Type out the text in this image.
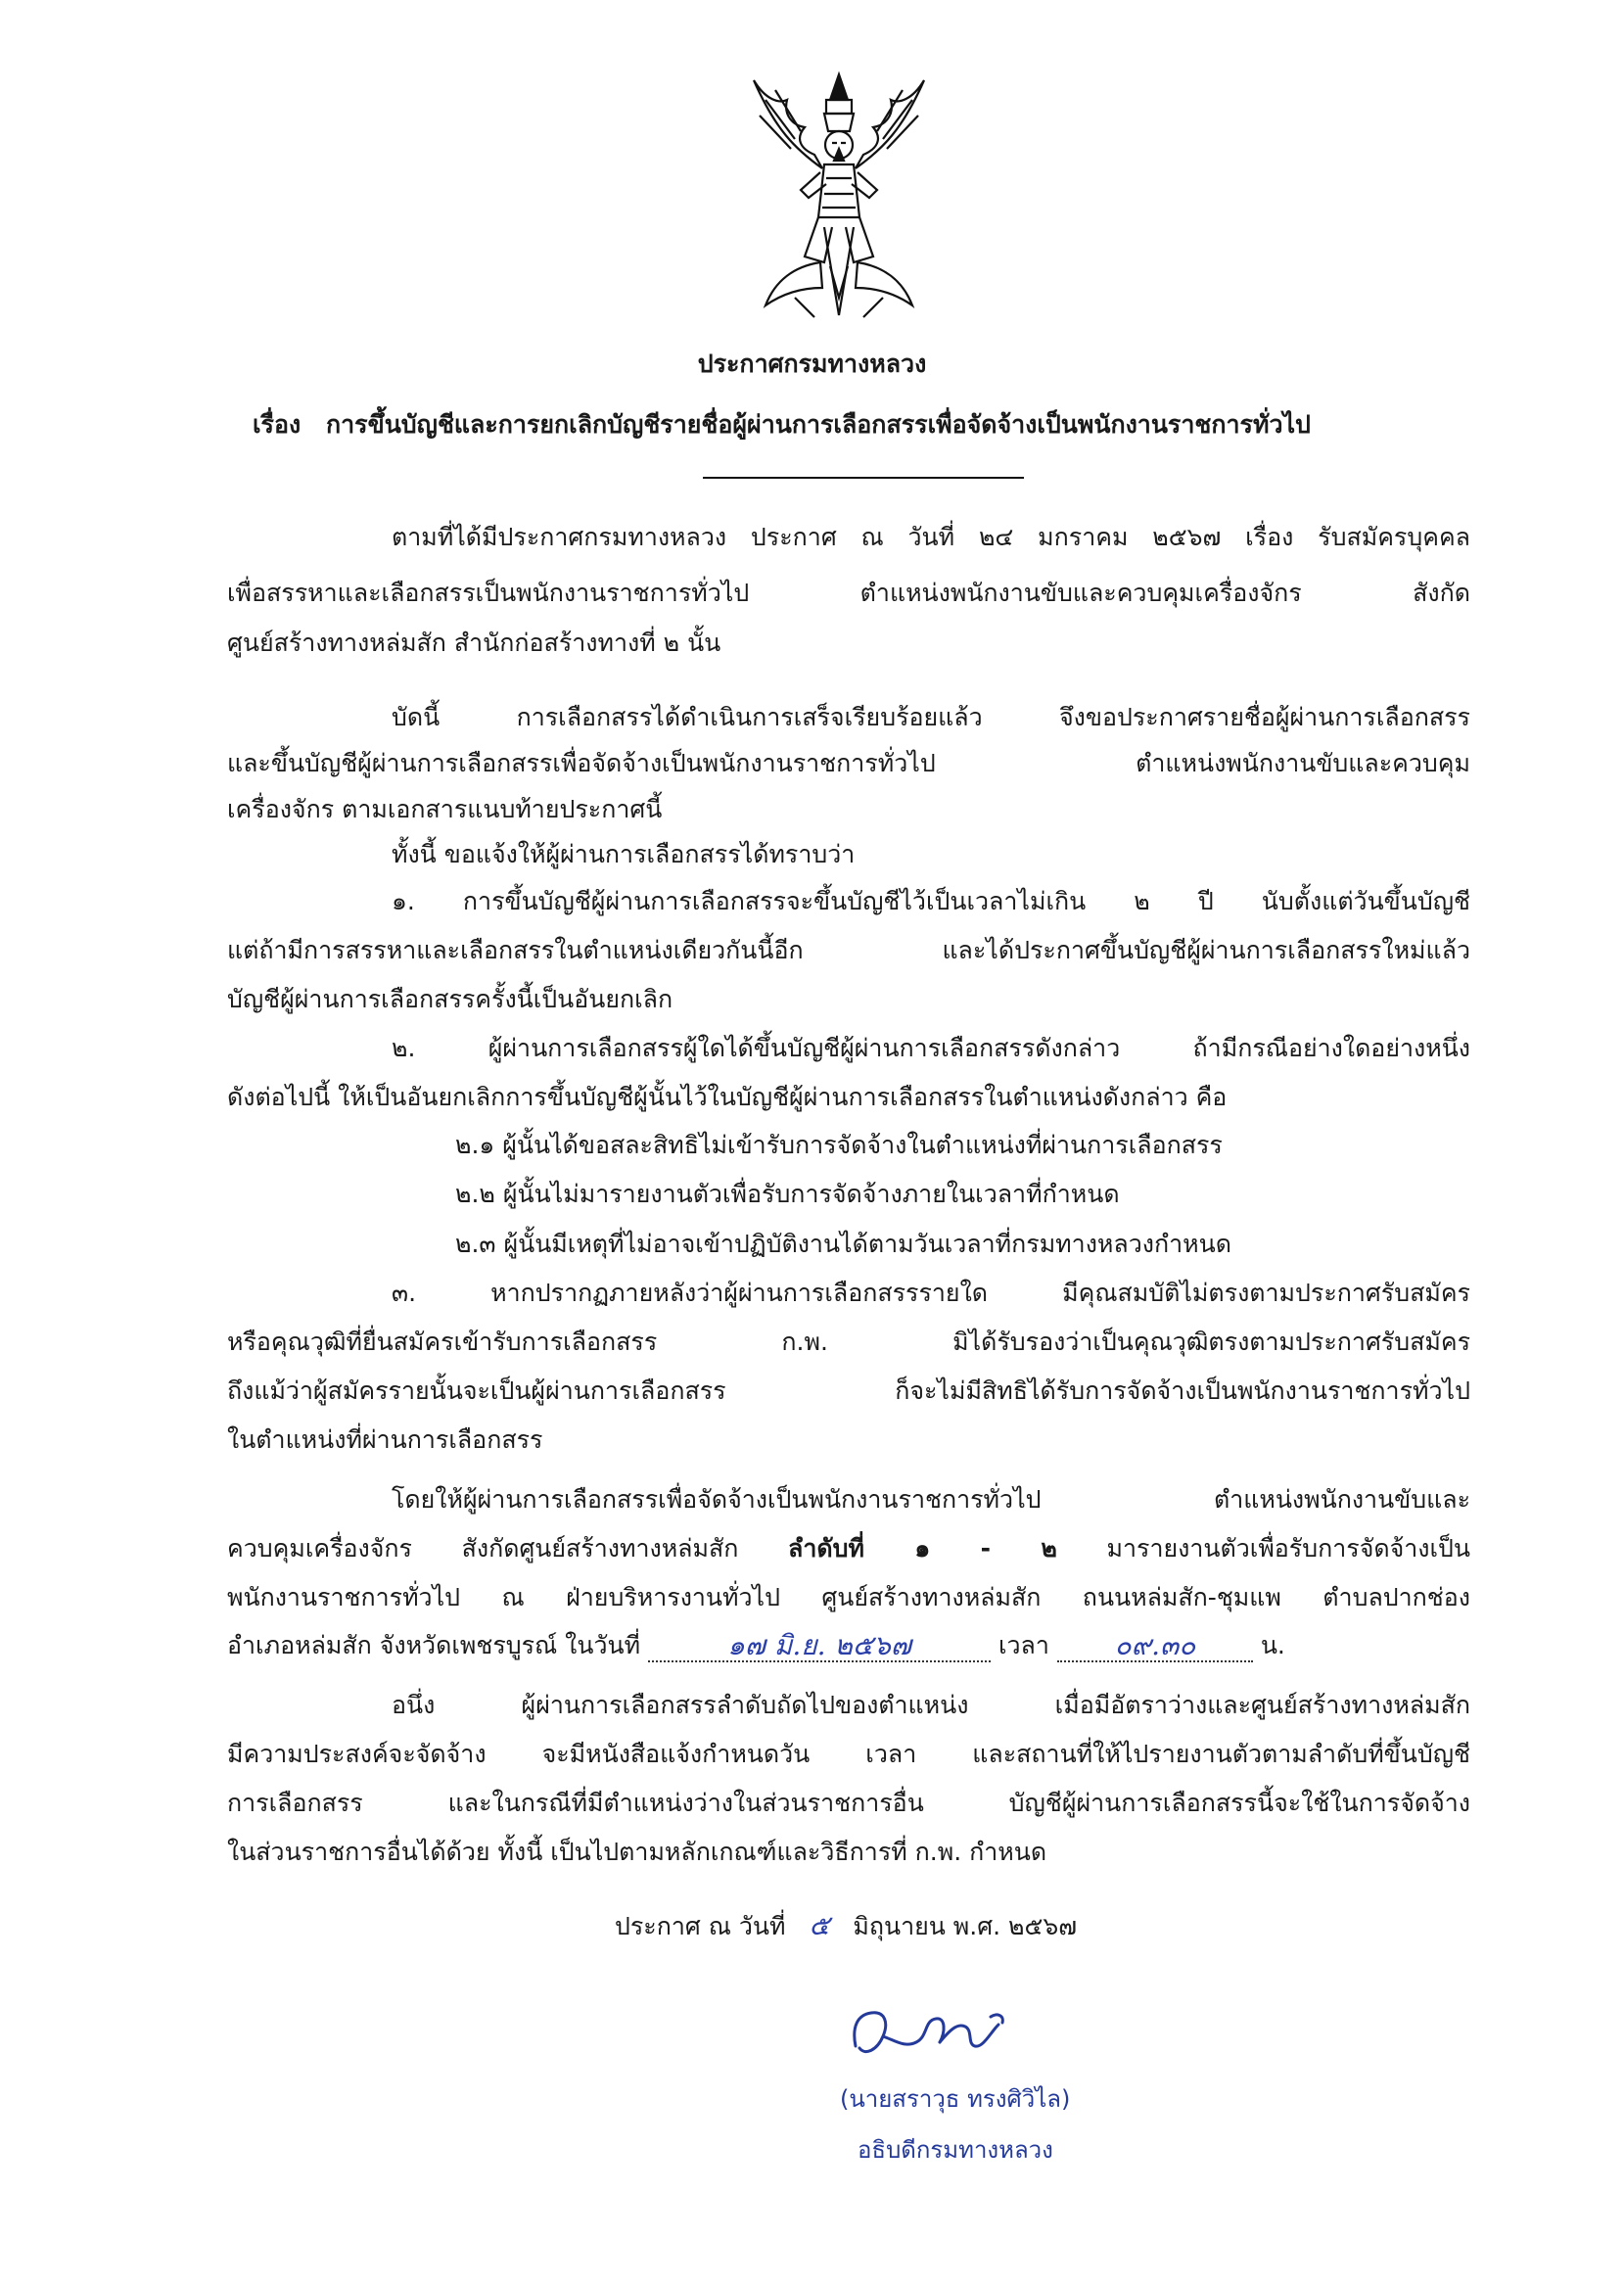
ประกาศกรมทางหลวง
เรื่อง การขึ้นบัญชีและการยกเลิกบัญชีรายชื่อผู้ผ่านการเลือกสรรเพื่อจัดจ้างเป็นพนักงานราชการทั่วไป
ตามที่ได้มีประกาศกรมทางหลวง ประกาศ ณ วันที่ ๒๔ มกราคม ๒๕๖๗ เรื่อง รับสมัครบุคคล
เพื่อสรรหาและเลือกสรรเป็นพนักงานราชการทั่วไป ตำแหน่งพนักงานขับและควบคุมเครื่องจักร สังกัด
ศูนย์สร้างทางหล่มสัก สำนักก่อสร้างทางที่ ๒ นั้น
บัดนี้ การเลือกสรรได้ดำเนินการเสร็จเรียบร้อยแล้ว จึงขอประกาศรายชื่อผู้ผ่านการเลือกสรร
และขึ้นบัญชีผู้ผ่านการเลือกสรรเพื่อจัดจ้างเป็นพนักงานราชการทั่วไป ตำแหน่งพนักงานขับและควบคุม
เครื่องจักร ตามเอกสารแนบท้ายประกาศนี้
ทั้งนี้ ขอแจ้งให้ผู้ผ่านการเลือกสรรได้ทราบว่า
๑. การขึ้นบัญชีผู้ผ่านการเลือกสรรจะขึ้นบัญชีไว้เป็นเวลาไม่เกิน ๒ ปี นับตั้งแต่วันขึ้นบัญชี
แต่ถ้ามีการสรรหาและเลือกสรรในตำแหน่งเดียวกันนี้อีก และได้ประกาศขึ้นบัญชีผู้ผ่านการเลือกสรรใหม่แล้ว
บัญชีผู้ผ่านการเลือกสรรครั้งนี้เป็นอันยกเลิก
๒. ผู้ผ่านการเลือกสรรผู้ใดได้ขึ้นบัญชีผู้ผ่านการเลือกสรรดังกล่าว ถ้ามีกรณีอย่างใดอย่างหนึ่ง
ดังต่อไปนี้ ให้เป็นอันยกเลิกการขึ้นบัญชีผู้นั้นไว้ในบัญชีผู้ผ่านการเลือกสรรในตำแหน่งดังกล่าว คือ
๒.๑ ผู้นั้นได้ขอสละสิทธิไม่เข้ารับการจัดจ้างในตำแหน่งที่ผ่านการเลือกสรร
๒.๒ ผู้นั้นไม่มารายงานตัวเพื่อรับการจัดจ้างภายในเวลาที่กำหนด
๒.๓ ผู้นั้นมีเหตุที่ไม่อาจเข้าปฏิบัติงานได้ตามวันเวลาที่กรมทางหลวงกำหนด
๓. หากปรากฏภายหลังว่าผู้ผ่านการเลือกสรรรายใด มีคุณสมบัติไม่ตรงตามประกาศรับสมัคร
หรือคุณวุฒิที่ยื่นสมัครเข้ารับการเลือกสรร ก.พ. มิได้รับรองว่าเป็นคุณวุฒิตรงตามประกาศรับสมัคร
ถึงแม้ว่าผู้สมัครรายนั้นจะเป็นผู้ผ่านการเลือกสรร ก็จะไม่มีสิทธิได้รับการจัดจ้างเป็นพนักงานราชการทั่วไป
ในตำแหน่งที่ผ่านการเลือกสรร
โดยให้ผู้ผ่านการเลือกสรรเพื่อจัดจ้างเป็นพนักงานราชการทั่วไป ตำแหน่งพนักงานขับและ
ควบคุมเครื่องจักร สังกัดศูนย์สร้างทางหล่มสัก ลำดับที่ ๑ - ๒ มารายงานตัวเพื่อรับการจัดจ้างเป็น
พนักงานราชการทั่วไป ณ ฝ่ายบริหารงานทั่วไป ศูนย์สร้างทางหล่มสัก ถนนหล่มสัก-ชุมแพ ตำบลปากช่อง
อำเภอหล่มสัก จังหวัดเพชรบูรณ์ ในวันที่	๑๗ มิ.ย. ๒๕๖๗	เวลา ๐๙.๓๐ น.
อนึ่ง ผู้ผ่านการเลือกสรรลำดับถัดไปของตำแหน่ง เมื่อมีอัตราว่างและศูนย์สร้างทางหล่มสัก
มีความประสงค์จะจัดจ้าง จะมีหนังสือแจ้งกำหนดวัน เวลา และสถานที่ให้ไปรายงานตัวตามลำดับที่ขึ้นบัญชี
การเลือกสรร และในกรณีที่มีตำแหน่งว่างในส่วนราชการอื่น บัญชีผู้ผ่านการเลือกสรรนี้จะใช้ในการจัดจ้าง
ในส่วนราชการอื่นได้ด้วย ทั้งนี้ เป็นไปตามหลักเกณฑ์และวิธีการที่ ก.พ. กำหนด
ประกาศ ณ วันที่ ๕ มิถุนายน พ.ศ. ๒๕๖๗
(นายสราวุธ ทรงศิวิไล)
อธิบดีกรมทางหลวง
